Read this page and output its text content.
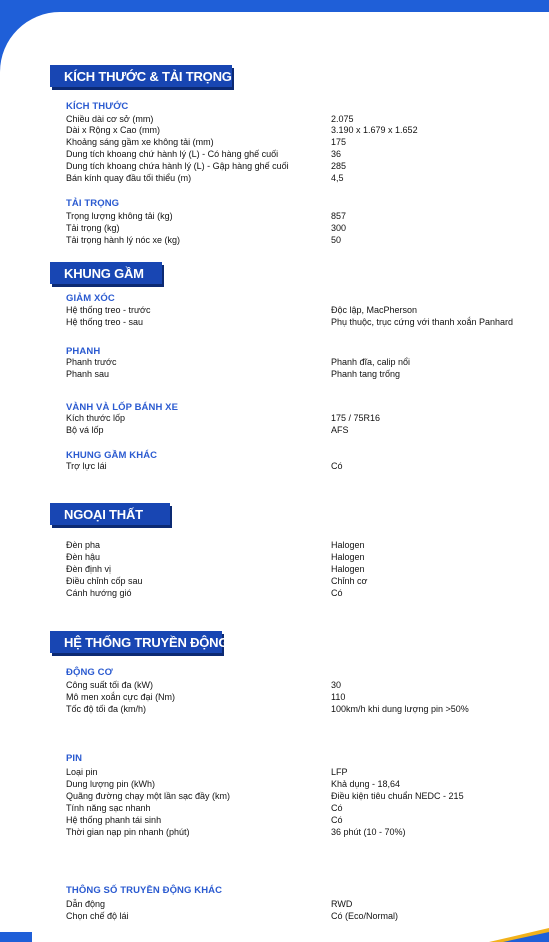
KÍCH THƯỚC & TẢI TRỌNG
KÍCH THƯỚC
Chiều dài cơ sở (mm)	2.075
Dài x Rộng x Cao (mm)	3.190 x 1.679 x 1.652
Khoảng sáng gầm xe không tải (mm)	175
Dung tích khoang chứ hành lý (L) - Có hàng ghế cuối	36
Dung tích khoang chứa hành lý (L) - Gập hàng ghế cuối	285
Bán kính quay đầu tối thiểu (m)	4,5
TẢI TRỌNG
Trọng lượng không tải (kg)	857
Tải trọng (kg)	300
Tải trọng hành lý nóc xe (kg)	50
KHUNG GẦM
GIẢM XÓC
Hệ thống treo - trước	Độc lập, MacPherson
Hệ thống treo - sau	Phụ thuộc, trục cứng với thanh xoắn Panhard
PHANH
Phanh trước	Phanh đĩa, calip nổi
Phanh sau	Phanh tang trống
VÀNH VÀ LỐP BÁNH XE
Kích thước lốp	175 / 75R16
Bộ vá lốp	AFS
KHUNG GẦM KHÁC
Trợ lực lái	Có
NGOẠI THẤT
Đèn pha	Halogen
Đèn hậu	Halogen
Đèn định vị	Halogen
Điều chỉnh cốp sau	Chỉnh cơ
Cánh hướng gió	Có
HỆ THỐNG TRUYỀN ĐỘNG
ĐỘNG CƠ
Công suất tối đa (kW)	30
Mô men xoắn cực đại (Nm)	110
Tốc độ tối đa (km/h)	100km/h khi dung lượng pin >50%
PIN
Loại pin	LFP
Dung lượng pin (kWh)	Khả dụng - 18,64
Quãng đường chạy một lần sạc đầy (km)	Điều kiện tiêu chuẩn NEDC - 215
Tính năng sạc nhanh	Có
Hệ thống phanh tái sinh	Có
Thời gian nạp pin nhanh (phút)	36 phút (10 - 70%)
THÔNG SỐ TRUYỀN ĐỘNG KHÁC
Dẫn động	RWD
Chọn chế độ lái	Có (Eco/Normal)
